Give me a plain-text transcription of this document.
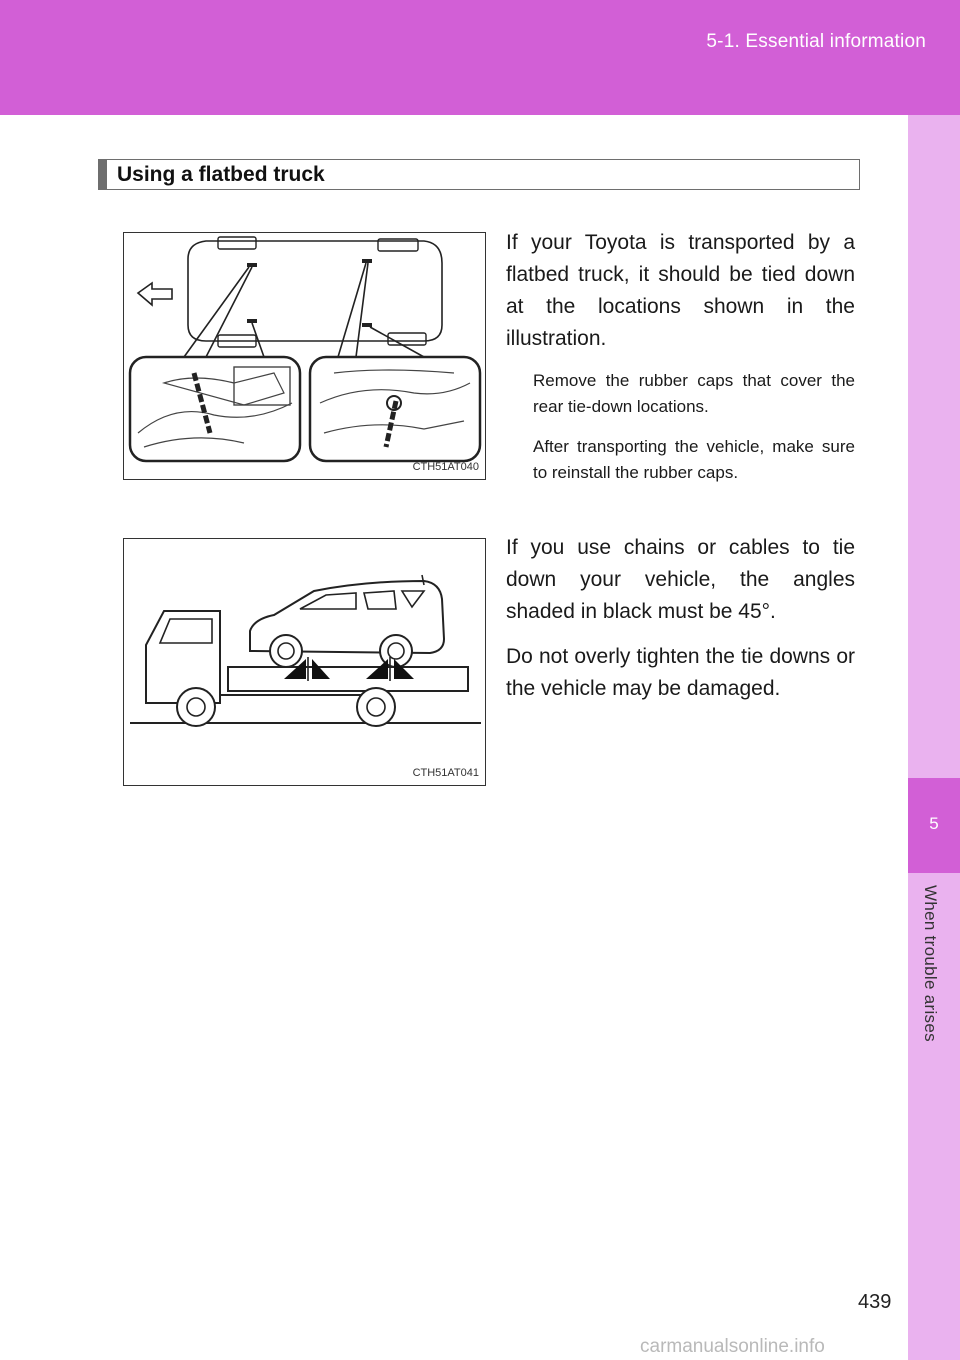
5-1. Essential information
5
When trouble arises
Using a flatbed truck
CTH51AT040
If your Toyota is transported by a flatbed truck, it should be tied down at the locations shown in the illustration.
Remove the rubber caps that cover the rear tie-down locations.
After transporting the vehicle, make sure to reinstall the rubber caps.
CTH51AT041
If you use chains or cables to tie down your vehicle, the angles shaded in black must be 45°.
Do not overly tighten the tie downs or the vehicle may be damaged.
439
carmanualsonline.info
